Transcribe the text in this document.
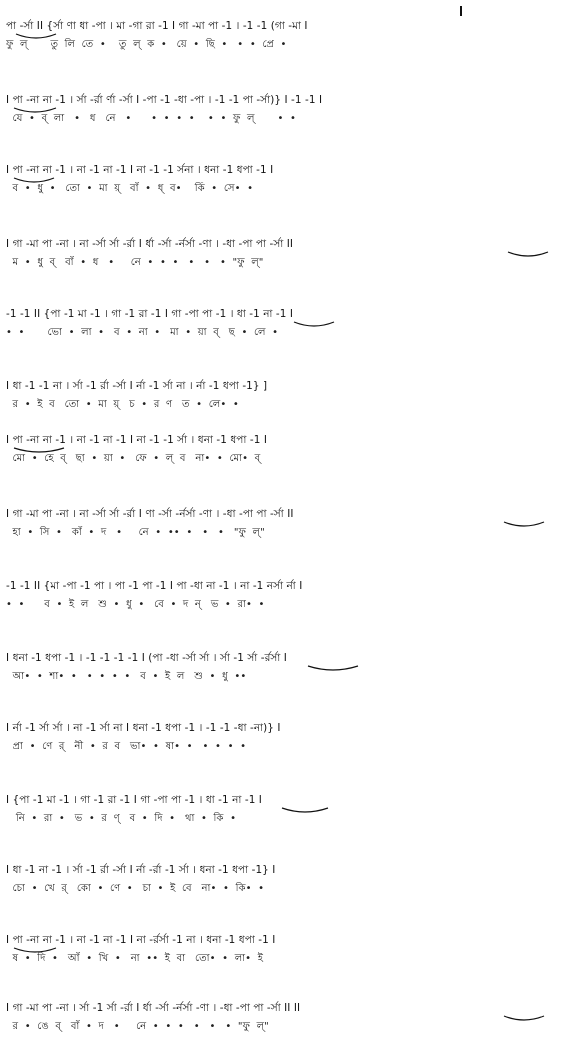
পা -র্সা II {র্সা ণা ধা -পা । মা -গা রা -1 I গা -মা পা -1 । -1 -1 (গা -মা I
ফু  ল্       তু  লি  তে  •    তু  ল্  ক  •   য়ে  •  ছি  •   •  •  প্রে  •
I পা -না না -1 । র্সা -র্রা র্ণা -র্সা I -পা -1 -ধা -পা । -1 -1 পা -র্সা)} I -1 -1 I
যে  •  ব্  লা   •   ধ   নে   •      •  •  •  •    •  •  ফু  ল্       •  •
I পা -না না -1 । না -1 না -1 I না -1 -1 র্সনা । ধনা -1 ধপা -1 I
ব  •  ধু  •   তো  •  মা  য়্   বাঁ  •  ধ্  ব•    কিঁ  •  সে•  •
I গা -মা পা -না । না -র্সা র্সা -র্রা I র্ধা -র্সা -র্নর্সা -ণা । -ধা -পা পা -র্সা II
ম  •  ধু  ব্   বাঁ  •  ধ   •     নে  •  •  •   •   •   •  "ফু  ল্"
-1 -1 II {পা -1 মা -1 । গা -1 রা -1 I গা -পা পা -1 । ধা -1 না -1 I
•  •       ভো  •  লা  •   ব  •  না  •   মা  •  য়া  ব্   ছ  •  লে  •
I ধা -1 -1 না । র্সা -1 র্রা -র্সা I র্না -1 র্সা না । র্না -1 ধপা -1} ]
র  •  ই  ব   তো  •  মা  য়্   চ  •  র  ণ   ত  •  লে•  •
I পা -না না -1 । না -1 না -1 I না -1 -1 র্সা । ধনা -1 ধপা -1 I
মো  •  হে  ব্   ছা  •  য়া  •   ফে  •  ল্  ব   না•  •  মো•  ব্
I গা -মা পা -না । না -র্সা র্সা -র্রা I ণা -র্সা -র্নর্সা -ণা । -ধা -পা পা -র্সা II
হা  •  সি  •   কাঁ  •  দ   •     নে  •  ••  •   •   •   "ফু  ল্"
-1 -1 II {মা -পা -1 পা । পা -1 পা -1 I পা -ধা না -1 । না -1 নর্সা র্না I
•  •      ব  •  ই  ল   শু  •  ধু  •   বে  •  দ  ন্   ভ  •  রা•  •
I ধনা -1 ধপা -1 । -1 -1 -1 -1 I (পা -ধা -র্সা র্সা । র্সা -1 র্সা -র্রর্সা I
আ•  •  শা•  •   •  •  •  •   ব  •  ই  ল   শু  •  ধু  ••
I র্না -1 র্সা র্সা । না -1 র্সা না I ধনা -1 ধপা -1 । -1 -1 -ধা -না)} I
প্রা  •  ণে  র্   নী  •  র  ব   ভা•  •  ষা•  •   •  •  •  •
I {পা -1 মা -1 । গা -1 রা -1 I গা -পা পা -1 । ধা -1 না -1 I
নি  •  রা  •   ভ  •  র  ণ্   ব  •  দি  •   থা  •  কি  •
I ধা -1 না -1 । র্সা -1 র্রা -র্সা I র্না -র্রা -1 র্সা । ধনা -1 ধপা -1} I
চো  •  খে  র্   কো  •  ণে  •   চা  •  ই  বে   না•  •  কি•  •
I পা -না না -1 । না -1 না -1 I না -র্রর্সা -1 না । ধনা -1 ধপা -1 I
ষ  •  দি  •   আঁ  •  খি  •   না  ••  ই  বা   তো•  •  লা•  ই
I গা -মা পা -না । র্সা -1 র্সা -র্রা I র্ধা -র্সা -র্নর্সা -ণা । -ধা -পা পা -র্সা II II
র  •  ঙে  ব্   বাঁ  •  দ   •     নে  •  •  •   •   •   •  "ফু  ল্"
